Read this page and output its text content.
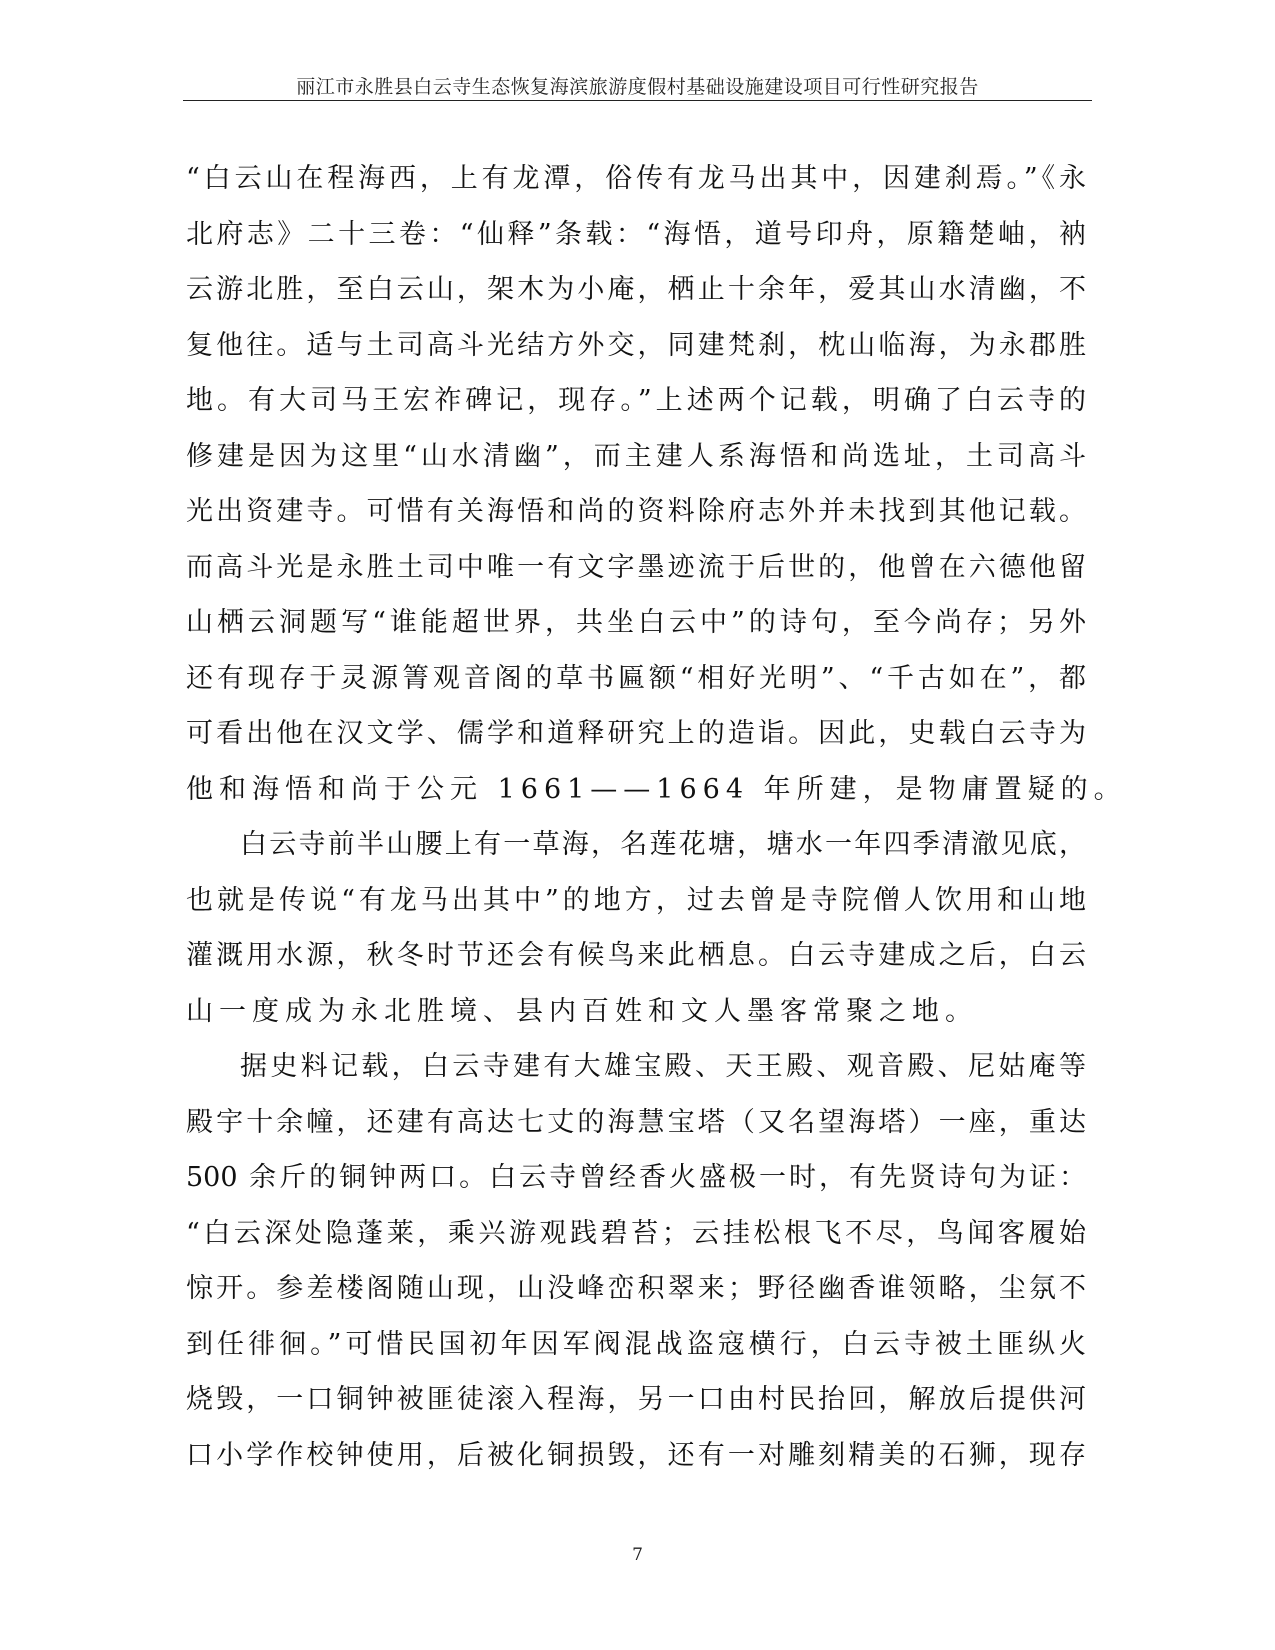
丽江市永胜县白云寺生态恢复海滨旅游度假村基础设施建设项目可行性研究报告
“白云山在程海西，上有龙潭，俗传有龙马出其中，因建刹焉。”《永
北府志》二十三卷：“仙释”条载：“海悟，道号印舟，原籍楚岫，衲
云游北胜，至白云山，架木为小庵，栖止十余年，爱其山水清幽，不
复他往。适与土司高斗光结方外交，同建梵刹，枕山临海，为永郡胜
地。有大司马王宏祚碑记，现存。”上述两个记载，明确了白云寺的
修建是因为这里“山水清幽”，而主建人系海悟和尚选址，土司高斗
光出资建寺。可惜有关海悟和尚的资料除府志外并未找到其他记载。
而高斗光是永胜土司中唯一有文字墨迹流于后世的，他曾在六德他留
山栖云洞题写“谁能超世界，共坐白云中”的诗句，至今尚存；另外
还有现存于灵源箐观音阁的草书匾额“相好光明”、“千古如在”，都
可看出他在汉文学、儒学和道释研究上的造诣。因此，史载白云寺为
他和海悟和尚于公元 1661——1664 年所建，是物庸置疑的。
白云寺前半山腰上有一草海，名莲花塘，塘水一年四季清澈见底，
也就是传说“有龙马出其中”的地方，过去曾是寺院僧人饮用和山地
灌溉用水源，秋冬时节还会有候鸟来此栖息。白云寺建成之后，白云
山一度成为永北胜境、县内百姓和文人墨客常聚之地。
据史料记载，白云寺建有大雄宝殿、天王殿、观音殿、尼姑庵等
殿宇十余幢，还建有高达七丈的海慧宝塔（又名望海塔）一座，重达
500 余斤的铜钟两口。白云寺曾经香火盛极一时，有先贤诗句为证：
“白云深处隐蓬莱，乘兴游观践碧苔；云挂松根飞不尽，鸟闻客履始
惊开。参差楼阁随山现，山没峰峦积翠来；野径幽香谁领略，尘氛不
到任徘徊。”可惜民国初年因军阀混战盗寇横行，白云寺被土匪纵火
烧毁，一口铜钟被匪徒滚入程海，另一口由村民抬回，解放后提供河
口小学作校钟使用，后被化铜损毁，还有一对雕刻精美的石狮，现存
7
